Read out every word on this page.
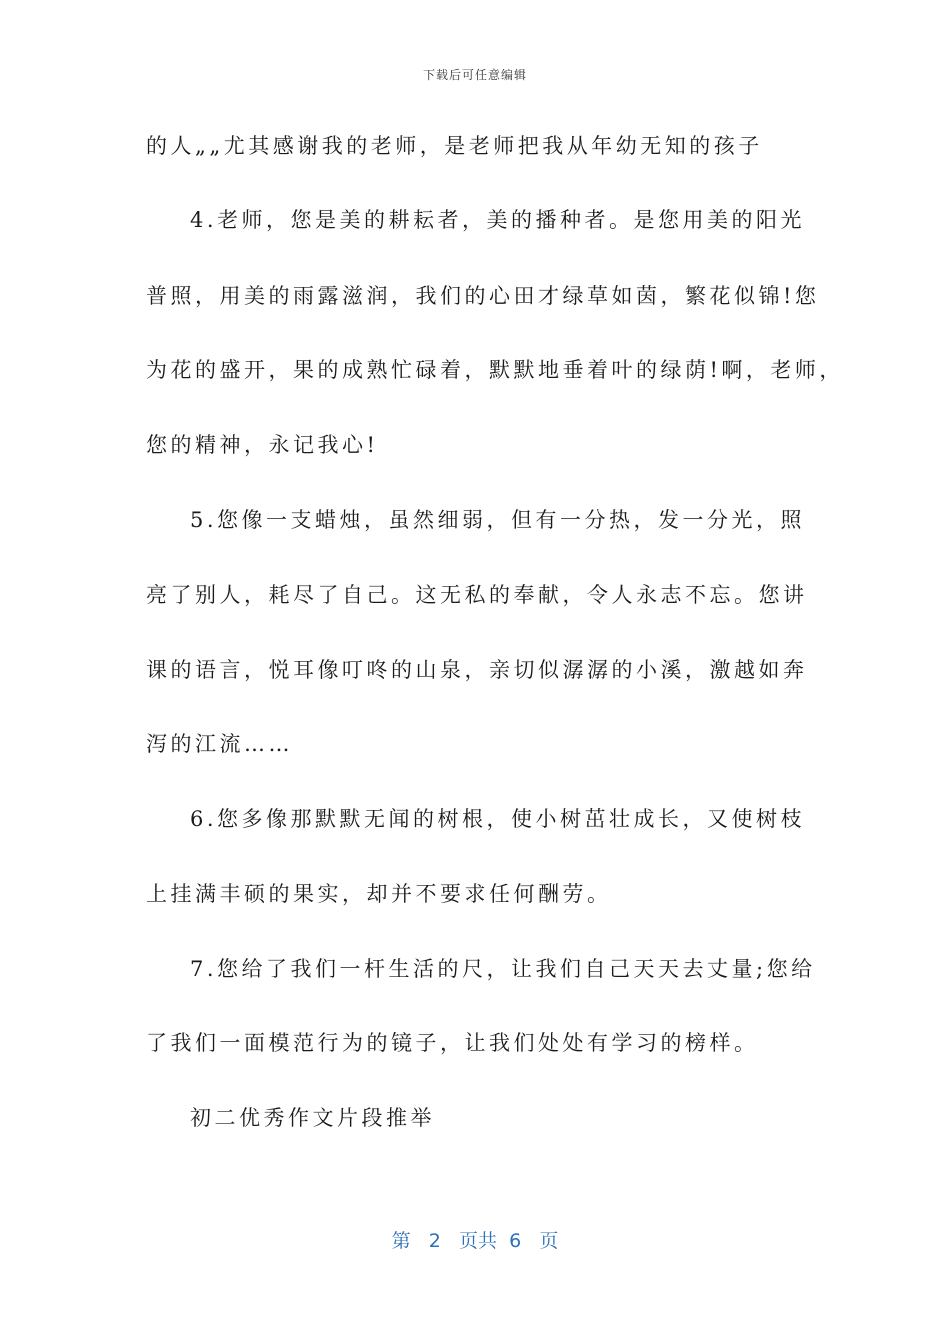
下载后可任意编辑
的人„„尤其感谢我的老师，是老师把我从年幼无知的孩子
4.老师，您是美的耕耘者，美的播种者。是您用美的阳光
普照，用美的雨露滋润，我们的心田才绿草如茵，繁花似锦!您
为花的盛开，果的成熟忙碌着，默默地垂着叶的绿荫!啊，老师，
您的精神，永记我心!
5.您像一支蜡烛，虽然细弱，但有一分热，发一分光，照
亮了别人，耗尽了自己。这无私的奉献，令人永志不忘。您讲
课的语言，悦耳像叮咚的山泉，亲切似潺潺的小溪，激越如奔
泻的江流……
6.您多像那默默无闻的树根，使小树茁壮成长，又使树枝
上挂满丰硕的果实，却并不要求任何酬劳。
7.您给了我们一杆生活的尺，让我们自己天天去丈量;您给
了我们一面模范行为的镜子，让我们处处有学习的榜样。
初二优秀作文片段推举
第 2 页共 6 页
